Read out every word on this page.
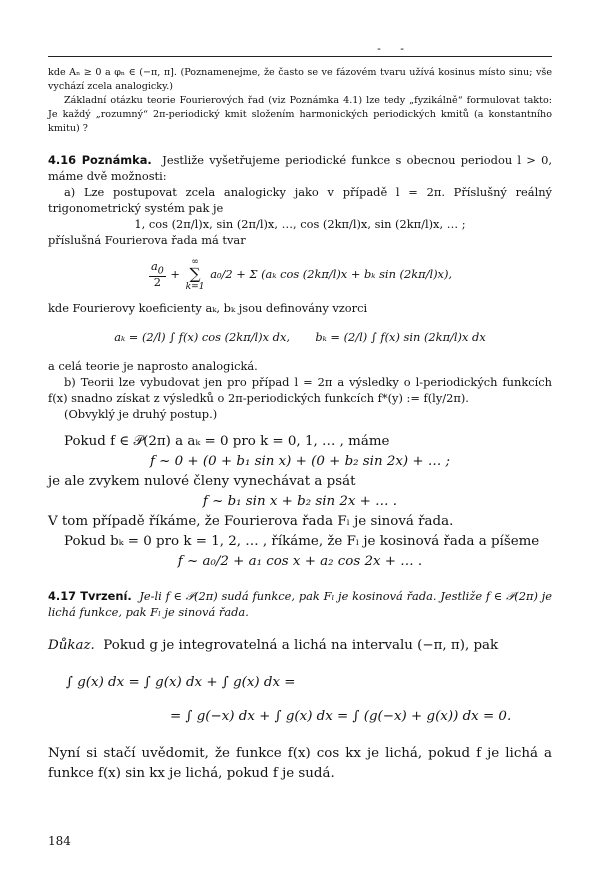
- -

kde Aₙ ≥ 0 a φₙ ∈ (−π, π]. (Poznamenejme, že často se ve fázovém tvaru užívá kosinus místo sinu; vše vychází zcela analogicky.)

Základní otázku teorie Fourierových řad (viz Poznámka 4.1) lze tedy „fyzikálně“ formulovat takto: Je každý „rozumný“ 2π-periodický kmit složením harmonických periodických kmitů (a konstantního kmitu) ?

4.16 Poznámka. Jestliže vyšetřujeme periodické funkce s obecnou periodou l > 0, máme dvě možnosti:

a) Lze postupovat zcela analogicky jako v případě l = 2π. Příslušný reálný trigonometrický systém pak je

1, cos (2π/l)x, sin (2π/l)x, …, cos (2kπ/l)x, sin (2kπ/l)x, … ;

příslušná Fourierova řada má tvar

$\frac{a_0}{2}$ + ∞
∑
k=1 a₀/2 + Σ (aₖ cos (2kπ/l)x + bₖ sin (2kπ/l)x),

kde Fourierovy koeficienty aₖ, bₖ jsou definovány vzorci

aₖ = (2/l) ∫ f(x) cos (2kπ/l)x dx, bₖ = (2/l) ∫ f(x) sin (2kπ/l)x dx

a celá teorie je naprosto analogická.

b) Teorii lze vybudovat jen pro případ l = 2π a výsledky o l-periodických funkcích f(x) snadno získat z výsledků o 2π-periodických funkcích f*(y) := f(ly/2π).

(Obvyklý je druhý postup.)

Pokud f ∈ 𝒫(2π) a aₖ = 0 pro k = 0, 1, … , máme

f ~ 0 + (0 + b₁ sin x) + (0 + b₂ sin 2x) + … ;

je ale zvykem nulové členy vynechávat a psát

f ~ b₁ sin x + b₂ sin 2x + … .

V tom případě říkáme, že Fourierova řada Fₗ je sinová řada.

Pokud bₖ = 0 pro k = 1, 2, … , říkáme, že Fₗ je kosinová řada a píšeme

f ~ a₀/2 + a₁ cos x + a₂ cos 2x + … .

4.17 Tvrzení. Je-li f ∈ 𝒫(2π) sudá funkce, pak Fₗ je kosinová řada. Jestliže f ∈ 𝒫(2π) je lichá funkce, pak Fₗ je sinová řada.

Důkaz. Pokud g je integrovatelná a lichá na intervalu (−π, π), pak

∫ g(x) dx = ∫ g(x) dx + ∫ g(x) dx =
= ∫ g(−x) dx + ∫ g(x) dx = ∫ (g(−x) + g(x)) dx = 0.

Nyní si stačí uvědomit, že funkce f(x) cos kx je lichá, pokud f je lichá a funkce f(x) sin kx je lichá, pokud f je sudá.

184
